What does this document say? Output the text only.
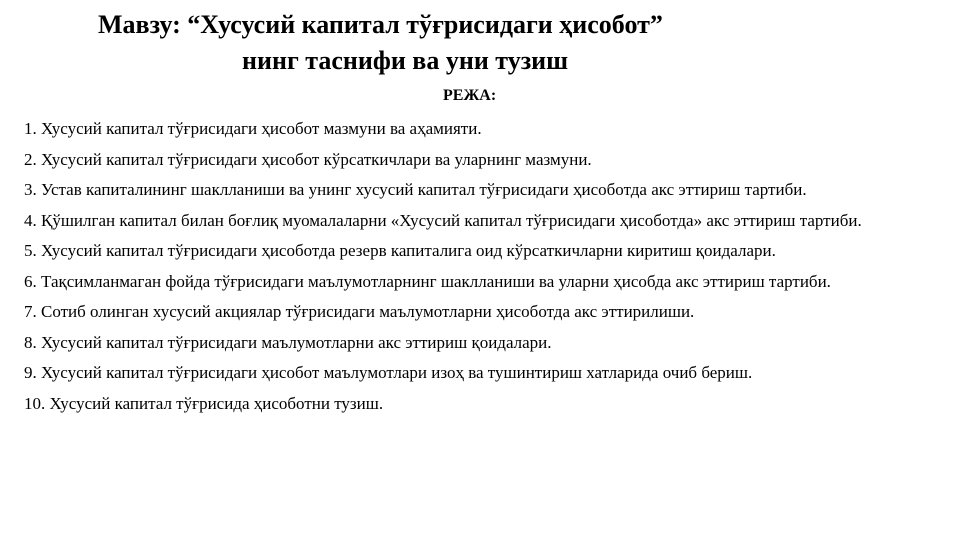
Мавзу: “Хусусий капитал тўғрисидаги ҳисобот”
нинг таснифи ва уни тузиш
РЕЖА:
1. Хусусий капитал тўғрисидаги ҳисобот мазмуни ва аҳамияти.
2. Хусусий капитал тўғрисидаги ҳисобот кўрсаткичлари ва уларнинг мазмуни.
3. Устав капиталининг шаклланиши ва унинг хусусий капитал тўғрисидаги ҳисоботда акс эттириш тартиби.
4. Қўшилган капитал билан боғлиқ муомалаларни «Хусусий капитал тўғрисидаги ҳисоботда» акс эттириш тартиби.
5. Хусусий капитал тўғрисидаги ҳисоботда резерв капиталига оид кўрсаткичларни киритиш қоидалари.
6. Тақсимланмаган фойда тўғрисидаги маълумотларнинг шаклланиши ва уларни ҳисобда акс эттириш тартиби.
7. Сотиб олинган хусусий акциялар тўғрисидаги маълумотларни ҳисоботда акс эттирилиши.
8. Хусусий капитал тўғрисидаги маълумотларни акс эттириш қоидалари.
9. Хусусий капитал тўғрисидаги ҳисобот маълумотлари изоҳ ва тушинтириш хатларида очиб бериш.
10. Хусусий капитал тўғрисида ҳисоботни тузиш.
